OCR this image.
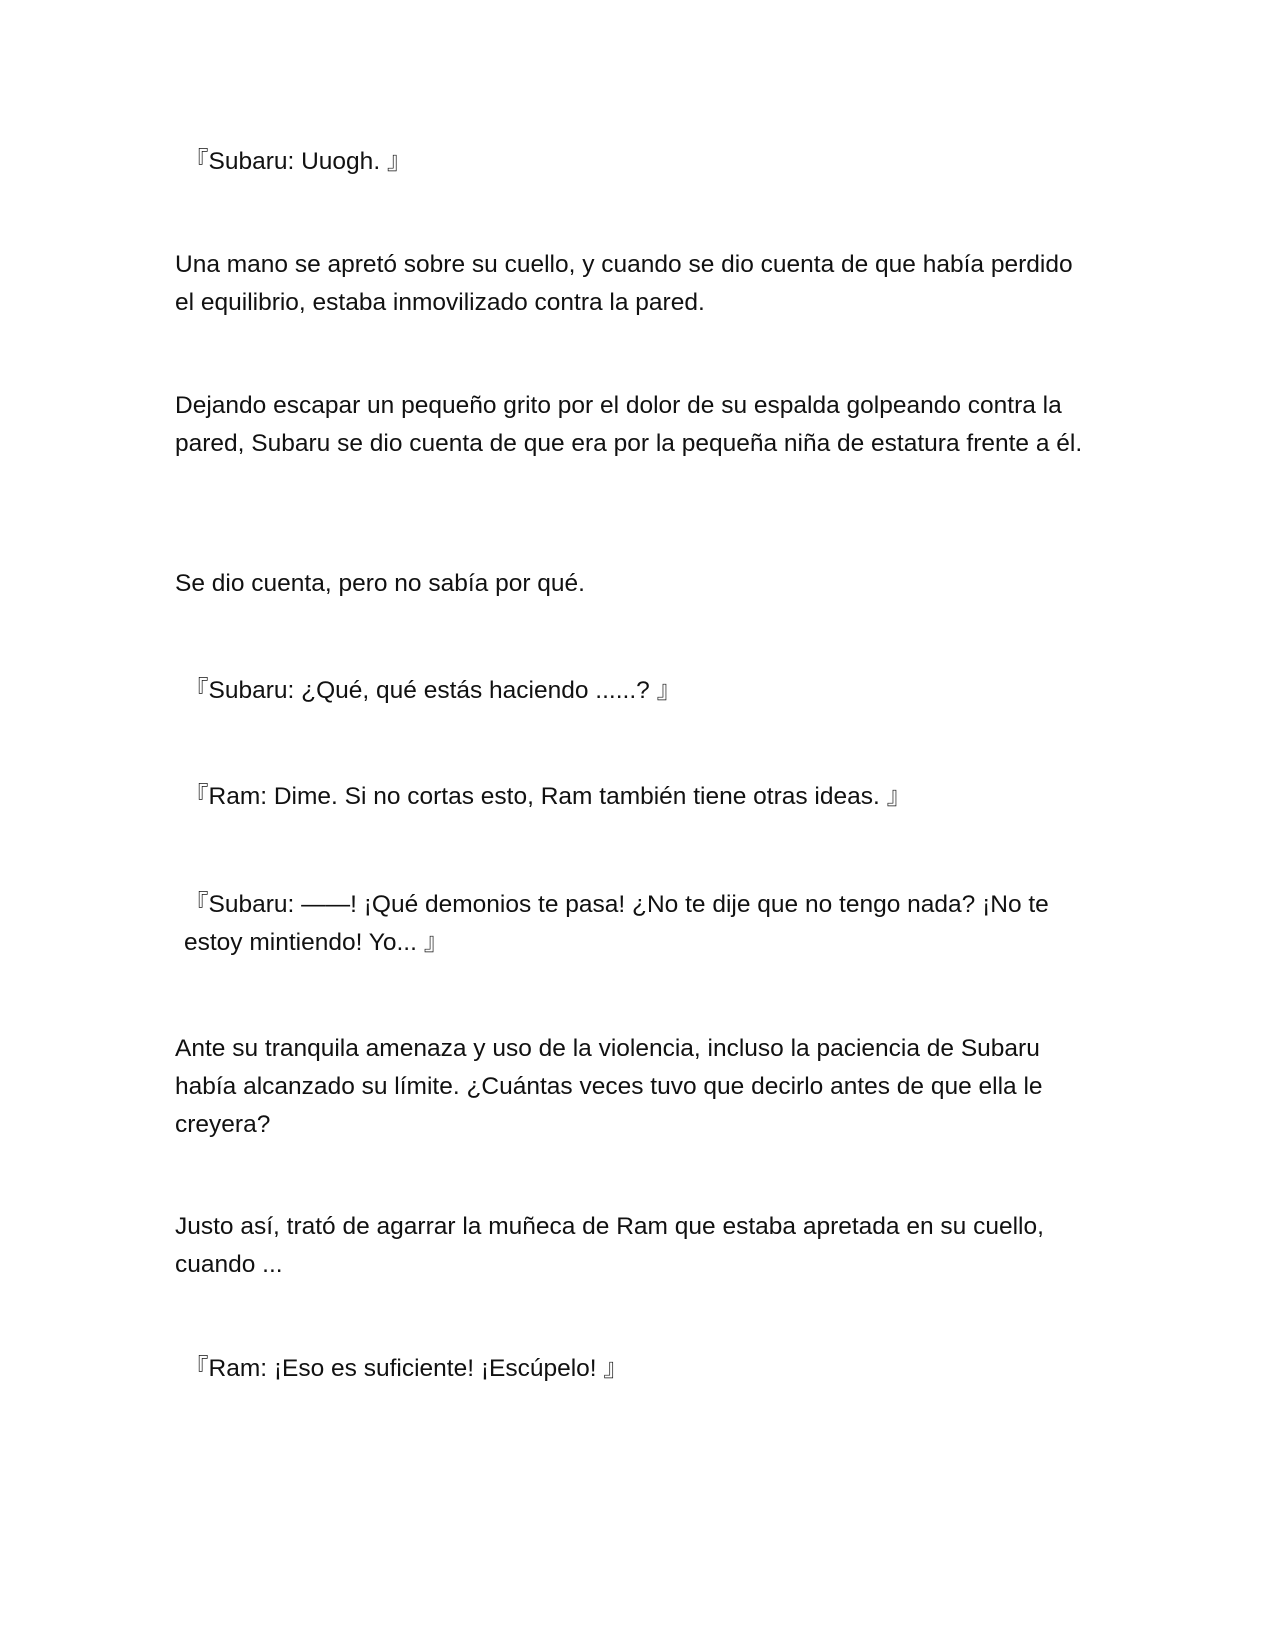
『Subaru: Uuogh. 』

Una mano se apretó sobre su cuello, y cuando se dio cuenta de que había perdido el equilibrio, estaba inmovilizado contra la pared.

Dejando escapar un pequeño grito por el dolor de su espalda golpeando contra la pared, Subaru se dio cuenta de que era por la pequeña niña de estatura frente a él.

Se dio cuenta, pero no sabía por qué.

『Subaru: ¿Qué, qué estás haciendo ......? 』

『Ram: Dime. Si no cortas esto, Ram también tiene otras ideas. 』

『Subaru: ——! ¡Qué demonios te pasa! ¿No te dije que no tengo nada? ¡No te estoy mintiendo! Yo... 』

Ante su tranquila amenaza y uso de la violencia, incluso la paciencia de Subaru había alcanzado su límite. ¿Cuántas veces tuvo que decirlo antes de que ella le creyera?

Justo así, trató de agarrar la muñeca de Ram que estaba apretada en su cuello, cuando ...

『Ram: ¡Eso es suficiente! ¡Escúpelo! 』
